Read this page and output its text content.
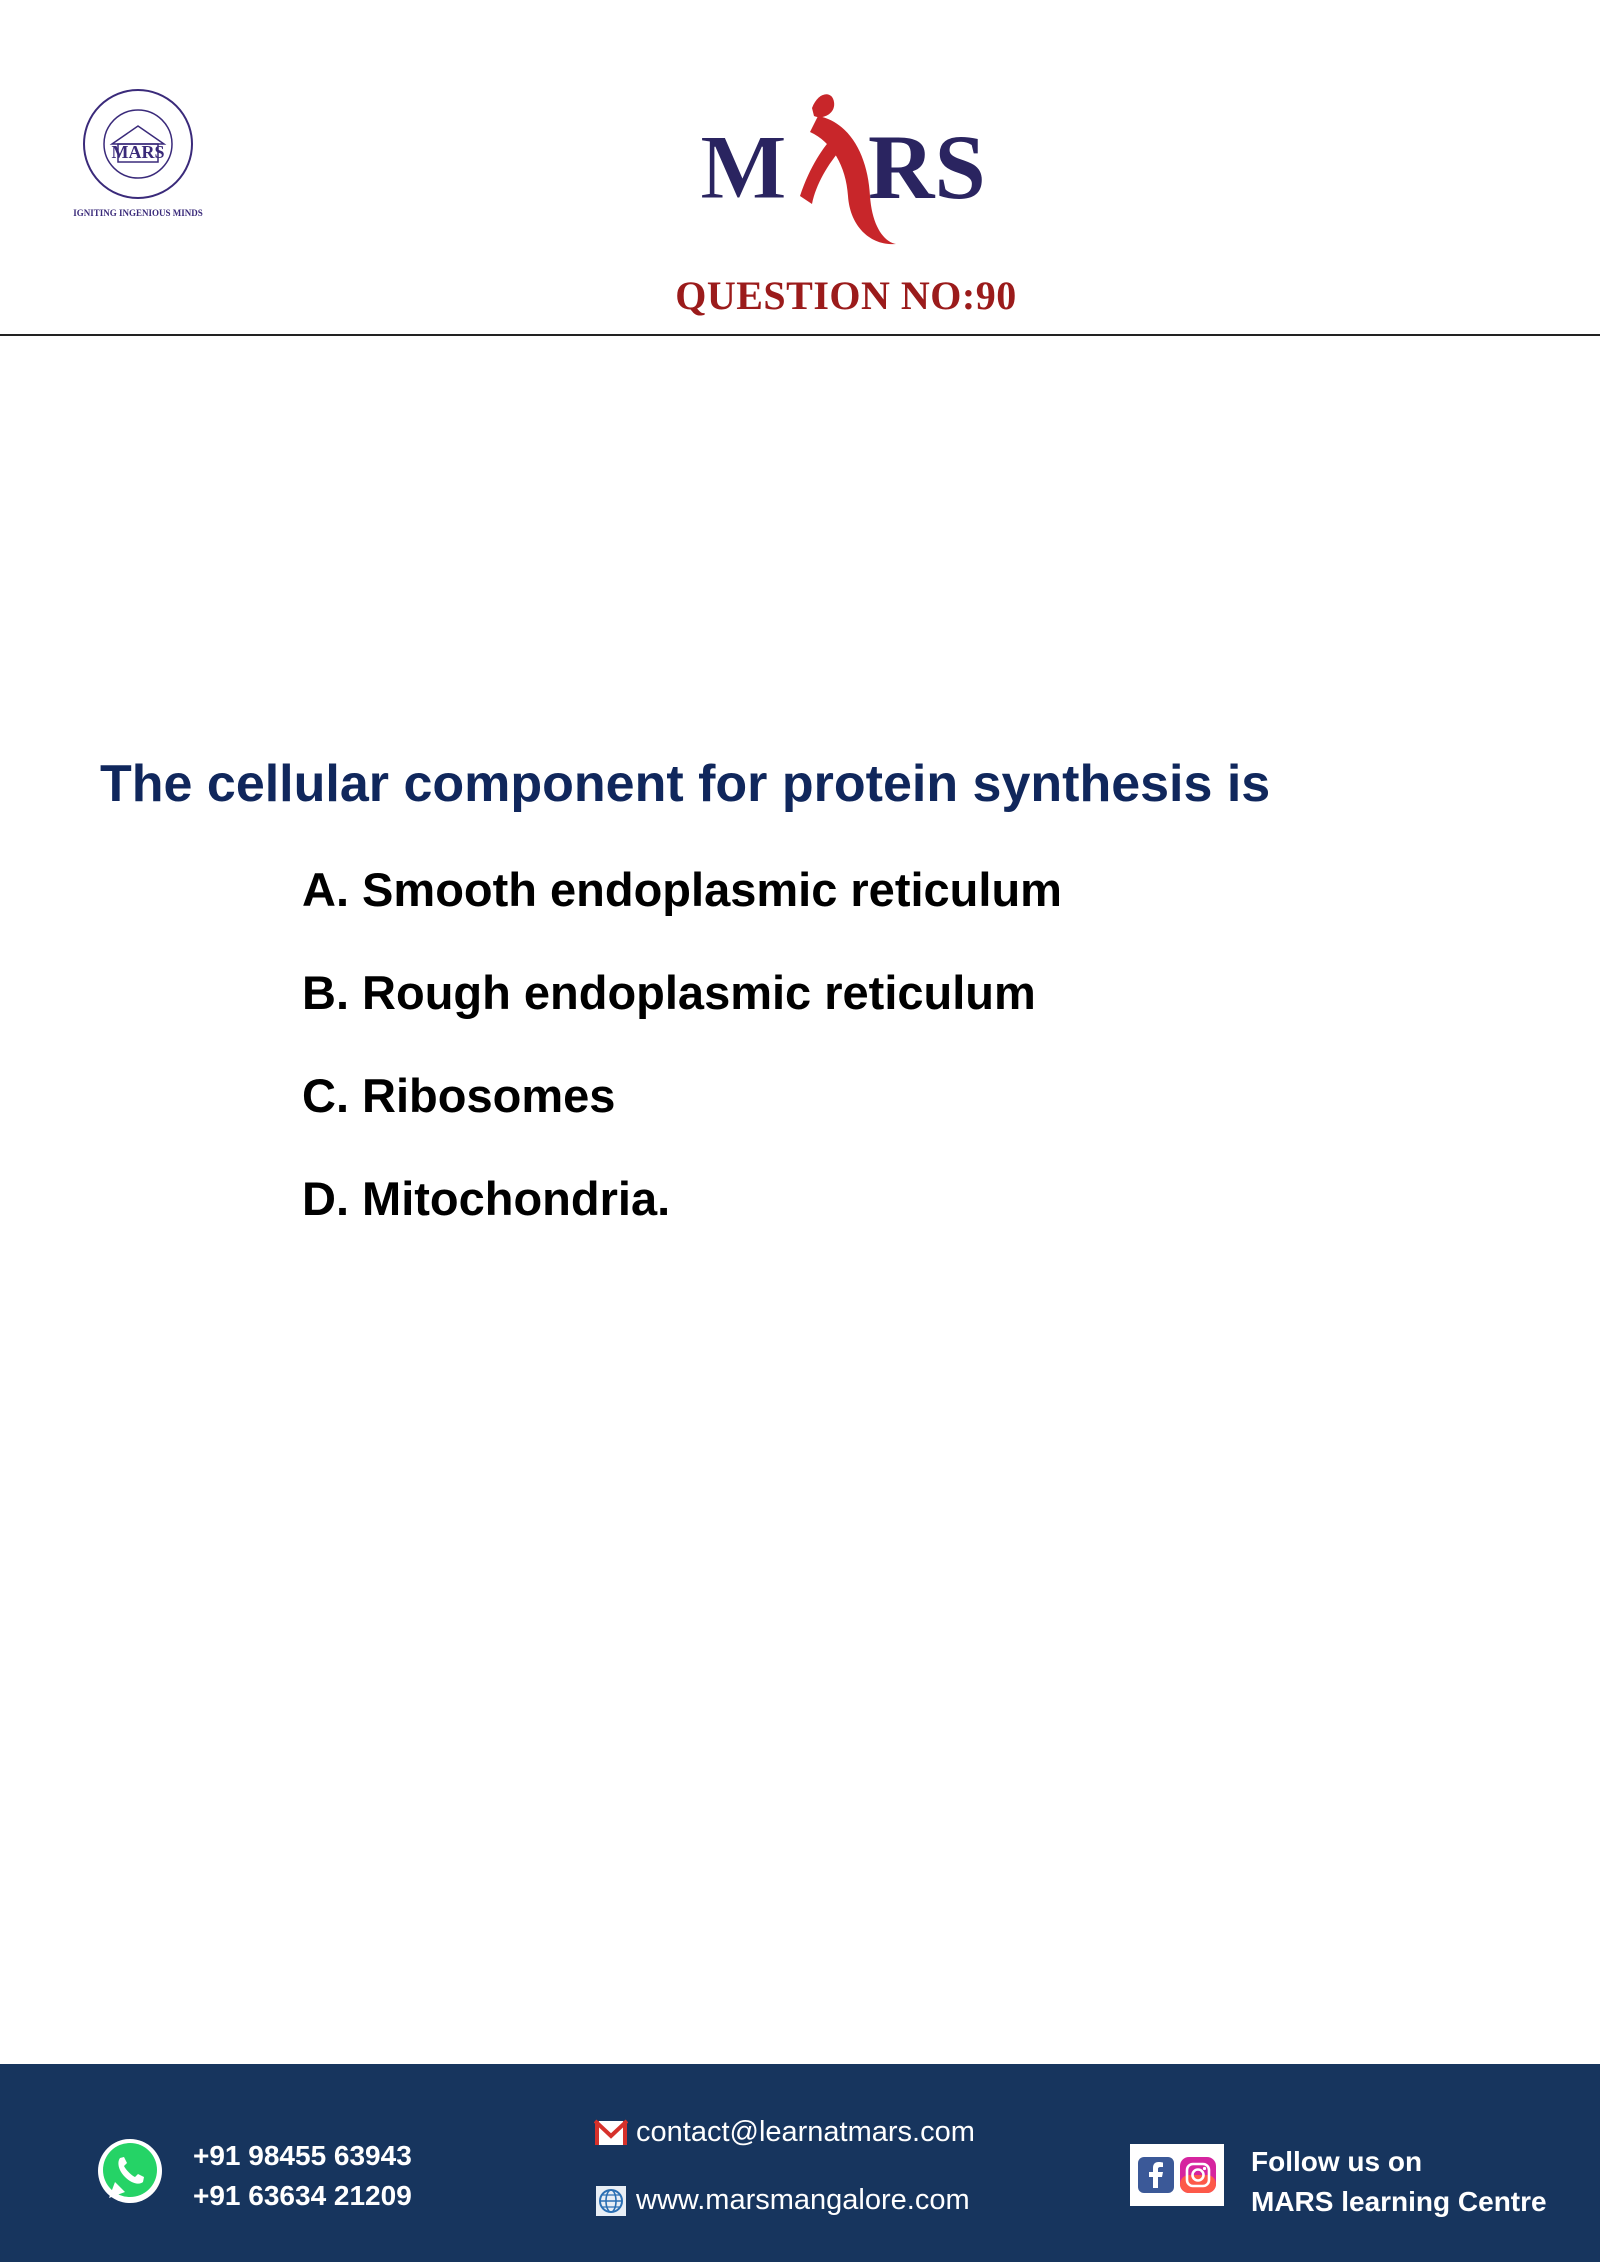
MARS
IGNITING INGENIOUS MINDS	M RS
QUESTION NO:90
The cellular component for protein synthesis is
A. Smooth endoplasmic reticulum
B. Rough endoplasmic reticulum
C. Ribosomes
D. Mitochondria.
+91 98455 63943
+91 63634 21209
contact@learnatmars.com
www.marsmangalore.com
Follow us on
MARS learning Centre
